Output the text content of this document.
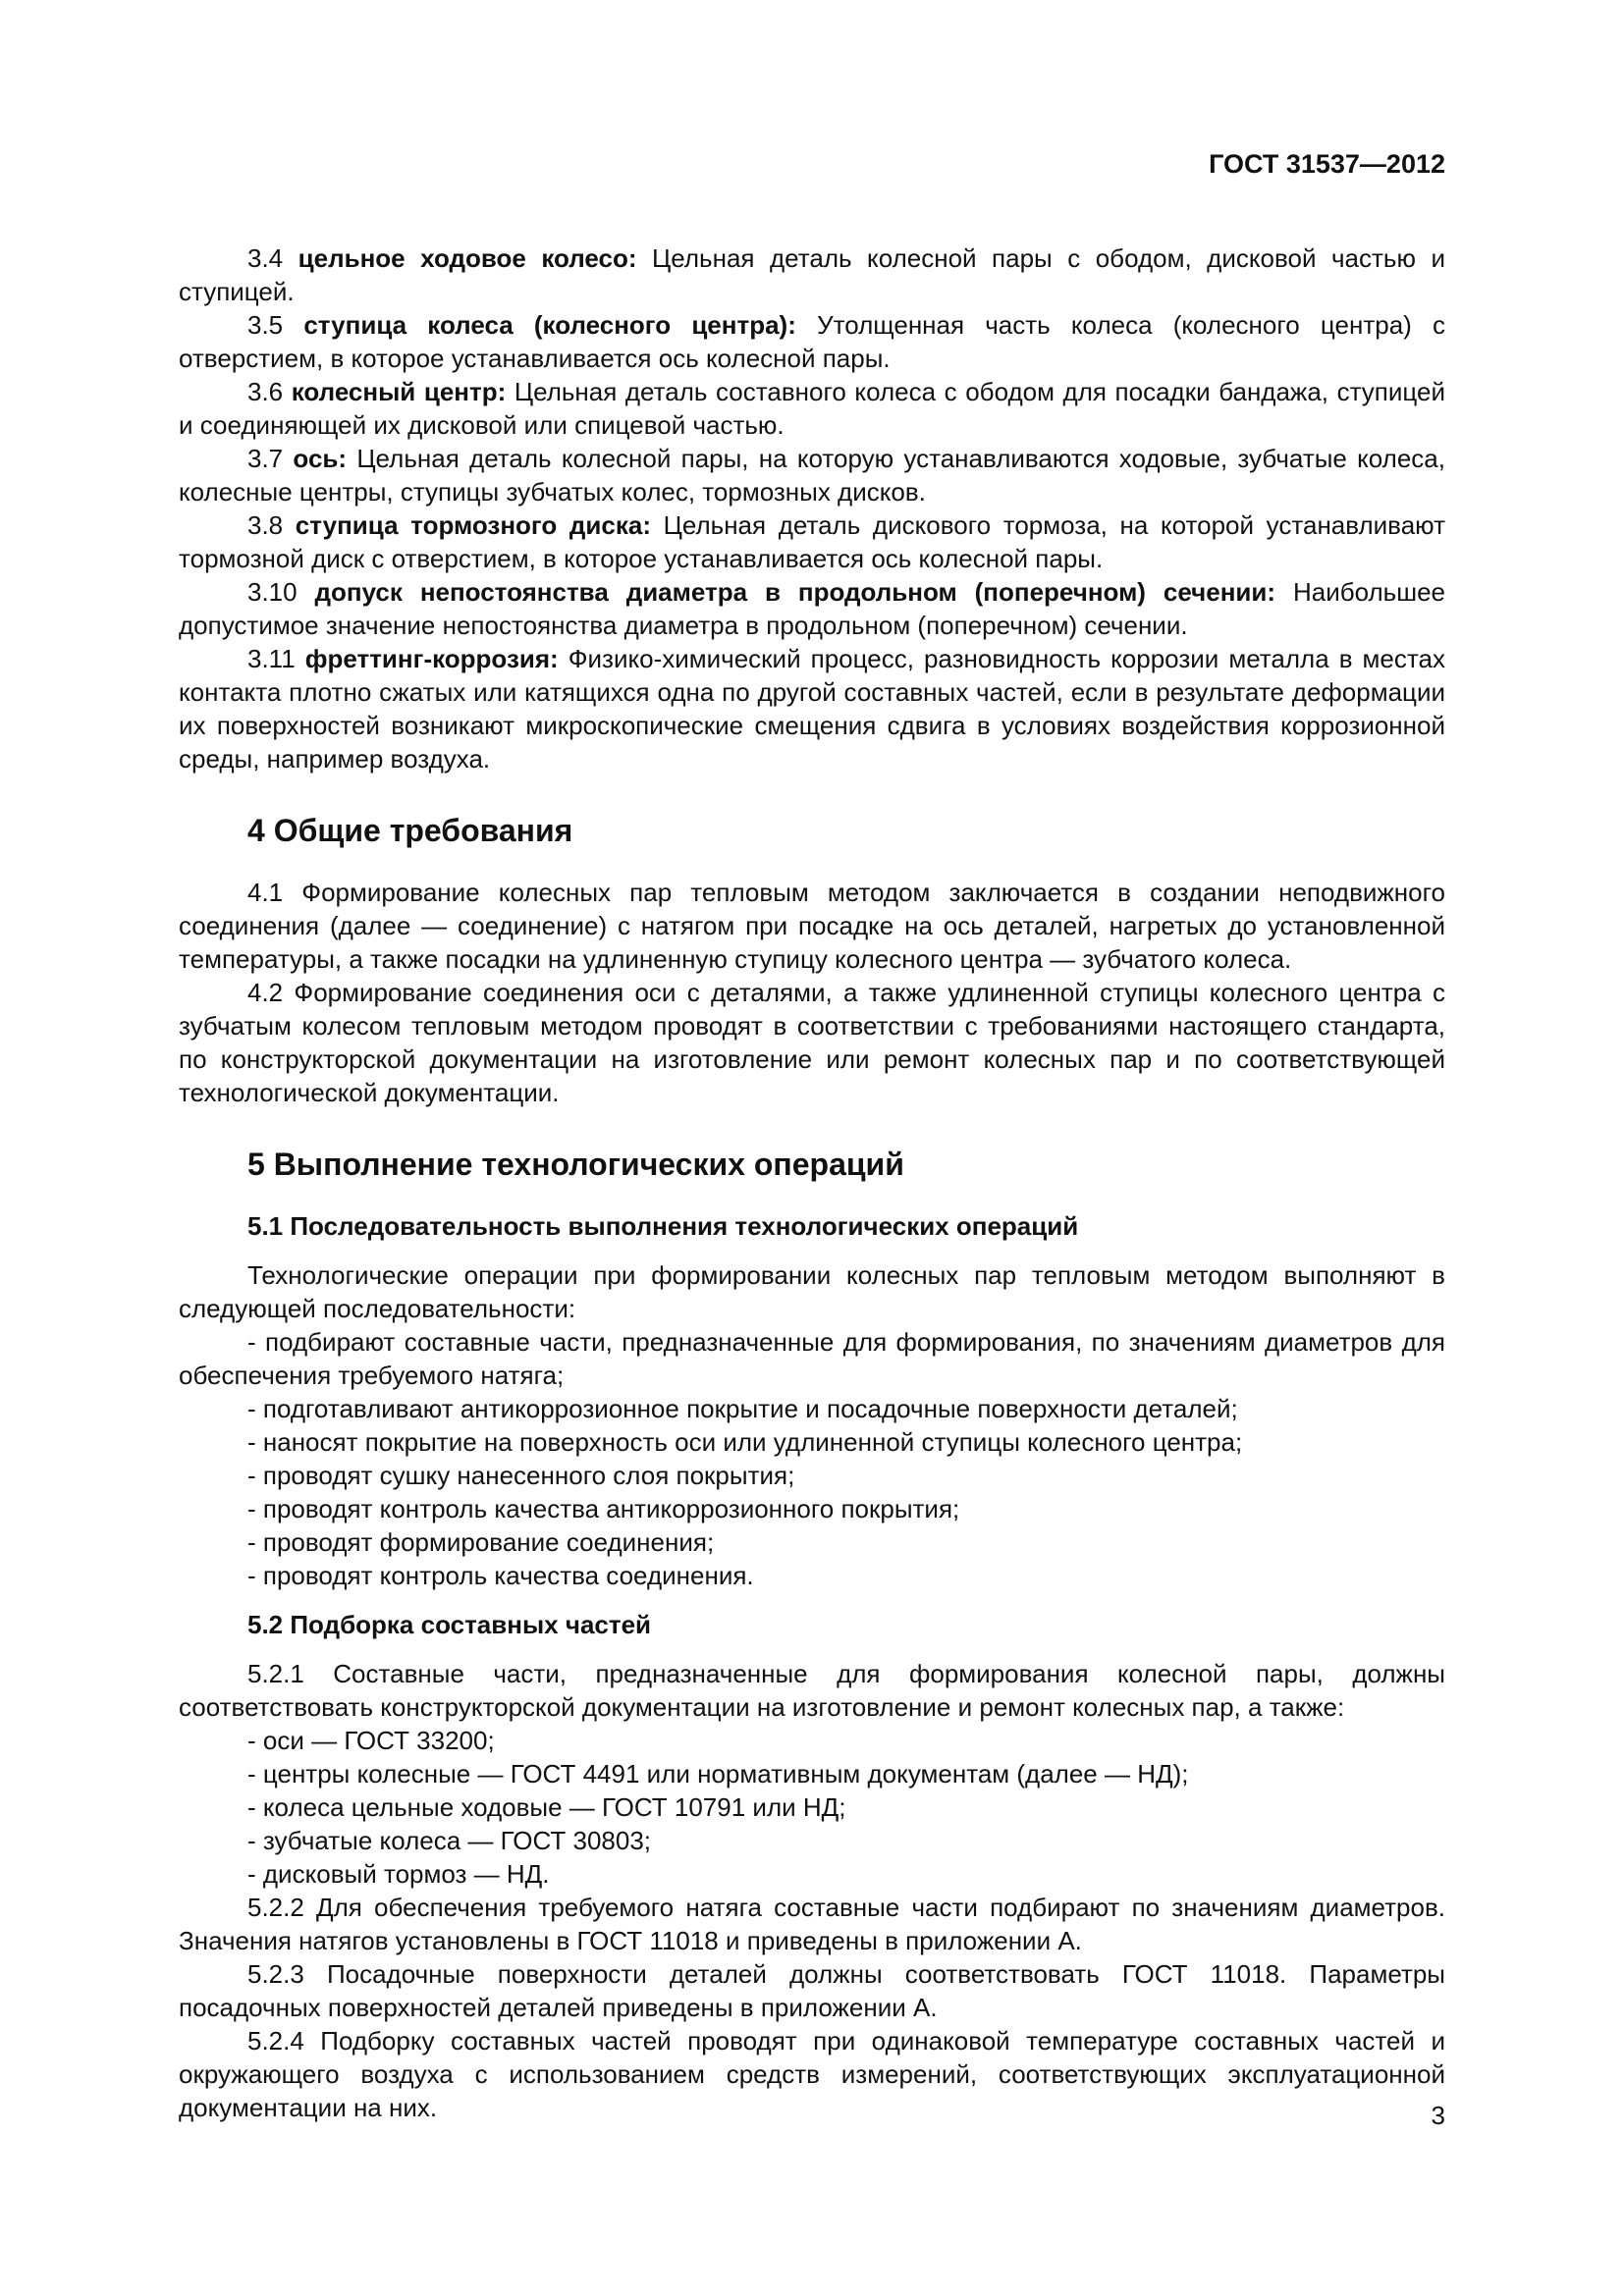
ГОСТ 31537—2012

3.4 цельное ходовое колесо: Цельная деталь колесной пары с ободом, дисковой частью и ступицей.

3.5 ступица колеса (колесного центра): Утолщенная часть колеса (колесного центра) с отверстием, в которое устанавливается ось колесной пары.

3.6 колесный центр: Цельная деталь составного колеса с ободом для посадки бандажа, ступицей и соединяющей их дисковой или спицевой частью.

3.7 ось: Цельная деталь колесной пары, на которую устанавливаются ходовые, зубчатые колеса, колесные центры, ступицы зубчатых колес, тормозных дисков.

3.8 ступица тормозного диска: Цельная деталь дискового тормоза, на которой устанавливают тормозной диск с отверстием, в которое устанавливается ось колесной пары.

3.10 допуск непостоянства диаметра в продольном (поперечном) сечении: Наибольшее допустимое значение непостоянства диаметра в продольном (поперечном) сечении.

3.11 фреттинг-коррозия: Физико-химический процесс, разновидность коррозии металла в местах контакта плотно сжатых или катящихся одна по другой составных частей, если в результате деформации их поверхностей возникают микроскопические смещения сдвига в условиях воздействия коррозионной среды, например воздуха.

4 Общие требования

4.1 Формирование колесных пар тепловым методом заключается в создании неподвижного соединения (далее — соединение) с натягом при посадке на ось деталей, нагретых до установленной температуры, а также посадки на удлиненную ступицу колесного центра — зубчатого колеса.

4.2 Формирование соединения оси с деталями, а также удлиненной ступицы колесного центра с зубчатым колесом тепловым методом проводят в соответствии с требованиями настоящего стандарта, по конструкторской документации на изготовление или ремонт колесных пар и по соответствующей технологической документации.

5 Выполнение технологических операций
5.1 Последовательность выполнения технологических операций

Технологические операции при формировании колесных пар тепловым методом выполняют в следующей последовательности:

- подбирают составные части, предназначенные для формирования, по значениям диаметров для обеспечения требуемого натяга;

- подготавливают антикоррозионное покрытие и посадочные поверхности деталей;

- наносят покрытие на поверхность оси или удлиненной ступицы колесного центра;

- проводят сушку нанесенного слоя покрытия;

- проводят контроль качества антикоррозионного покрытия;

- проводят формирование соединения;

- проводят контроль качества соединения.

5.2 Подборка составных частей

5.2.1 Составные части, предназначенные для формирования колесной пары, должны соответствовать конструкторской документации на изготовление и ремонт колесных пар, а также:

- оси — ГОСТ 33200;

- центры колесные — ГОСТ 4491 или нормативным документам (далее — НД);

- колеса цельные ходовые — ГОСТ 10791 или НД;

- зубчатые колеса — ГОСТ 30803;

- дисковый тормоз — НД.

5.2.2 Для обеспечения требуемого натяга составные части подбирают по значениям диаметров. Значения натягов установлены в ГОСТ 11018 и приведены в приложении А.

5.2.3 Посадочные поверхности деталей должны соответствовать ГОСТ 11018. Параметры посадочных поверхностей деталей приведены в приложении А.

5.2.4 Подборку составных частей проводят при одинаковой температуре составных частей и окружающего воздуха с использованием средств измерений, соответствующих эксплуатационной документации на них.	3
